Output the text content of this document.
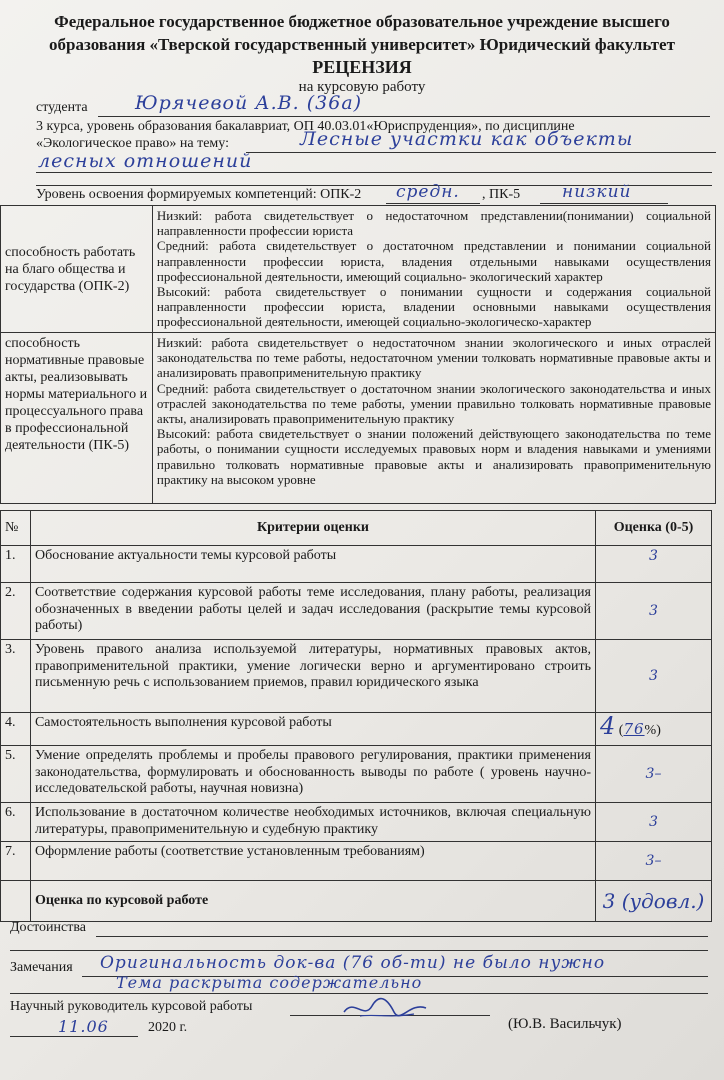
Федеральное государственное бюджетное образовательное учреждение высшего
образования «Тверской государственный университет» Юридический факультет
РЕЦЕНЗИЯ
на курсовую работу
студента Юрячевой А.В. (36а)
3 курса, уровень образования бакалавриат, ОП 40.03.01«Юриспруденция», по дисциплине
«Экологическое право» на тему:	Лесные участки как объекты
лесных отношений
Уровень освоения формируемых компетенций: ОПК-2 средн. , ПК-5 низкий
способность работать на благо общества и государства (ОПК-2)	Низкий: работа свидетельствует о недостаточном представлении(понимании) социальной направленности профессии юриста
Средний: работа свидетельствует о достаточном представлении и понимании социальной направленности профессии юриста, владения отдельными навыками осуществления профессиональной деятельности, имеющий социально- экологический характер
Высокий: работа свидетельствует о понимании сущности и содержания социальной направленности профессии юриста, владении основными навыками осуществления профессиональной деятельности, имеющей социально-экологическо-характер

способность нормативные правовые акты, реализовывать нормы материального и процессуального права в профессиональной деятельности (ПК-5)	Низкий: работа свидетельствует о недостаточном знании экологического и иных отраслей законодательства по теме работы, недостаточном умении толковать нормативные правовые акты и анализировать правоприменительную практику
Средний: работа свидетельствует о достаточном знании экологического законодательства и иных отраслей законодательства по теме работы, умении правильно толковать нормативные правовые акты, анализировать правоприменительную практику
Высокий: работа свидетельствует о знании положений действующего законодательства по теме работы, о понимании сущности исследуемых правовых норм и владения навыками и умениями правильно толковать нормативные правовые акты и анализировать правоприменительную практику на высоком уровне
№	Критерии оценки	Оценка (0-5)
1.	Обоснование актуальности темы курсовой работы	3
2.	Соответствие содержания курсовой работы теме исследования, плану работы, реализация обозначенных в введении работы целей и задач исследования (раскрытие темы курсовой работы)	3
3.	Уровень правого анализа используемой литературы, нормативных правовых актов, правоприменительной практики, умение логически верно и аргументировано строить письменную речь с использованием приемов, правил юридического языка	3
4.	Самостоятельность выполнения курсовой работы	4 (76%)
5.	Умение определять проблемы и пробелы правового регулирования, практики применения законодательства, формулировать и обоснованность выводы по работе ( уровень научно-исследовательской работы, научная новизна)	3–
6.	Использование в достаточном количестве необходимых источников, включая специальную литературы, правоприменительную и судебную практику	3
7.	Оформление работы (соответствие установленным требованиям)	3–
	Оценка по курсовой работе	3 (удовл.)
Достоинства
Замечания Оригинальность док-ва (76 об-ти) не было нужно
Тема раскрыта содержательно
Научный руководитель курсовой работы
11.06	2020 г.	(Ю.В. Васильчук)
